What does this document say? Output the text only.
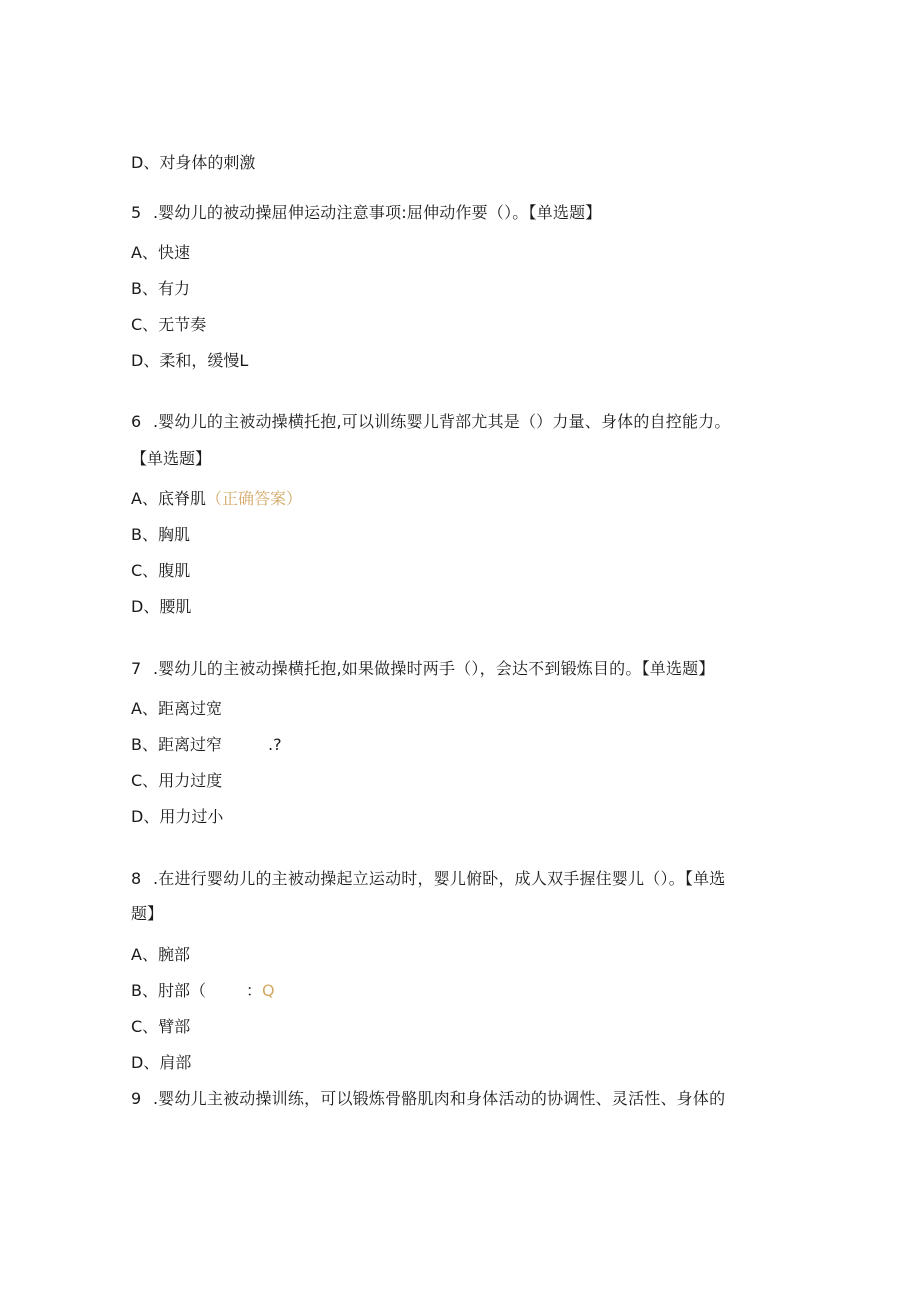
D、对身体的刺激
5 .婴幼儿的被动操屈伸运动注意事项:屈伸动作要（）。【单选题】
A、快速
B、有力
C、无节奏
D、柔和，缓慢L
6 .婴幼儿的主被动操横托抱,可以训练婴儿背部尤其是（）力量、身体的自控能力。
【单选题】
A、底脊肌（正确答案）
B、胸肌
C、腹肌
D、腰肌
7 .婴幼儿的主被动操横托抱,如果做操时两手（），会达不到锻炼目的。【单选题】
A、距离过宽
B、距离过窄	.?
C、用力过度
D、用力过小
8 .在进行婴幼儿的主被动操起立运动时，婴儿俯卧，成人双手握住婴儿（）。【单选
题】
A、腕部
B、肘部（	：Q
C、臂部
D、肩部
9 .婴幼儿主被动操训练，可以锻炼骨骼肌肉和身体活动的协调性、灵活性、身体的
